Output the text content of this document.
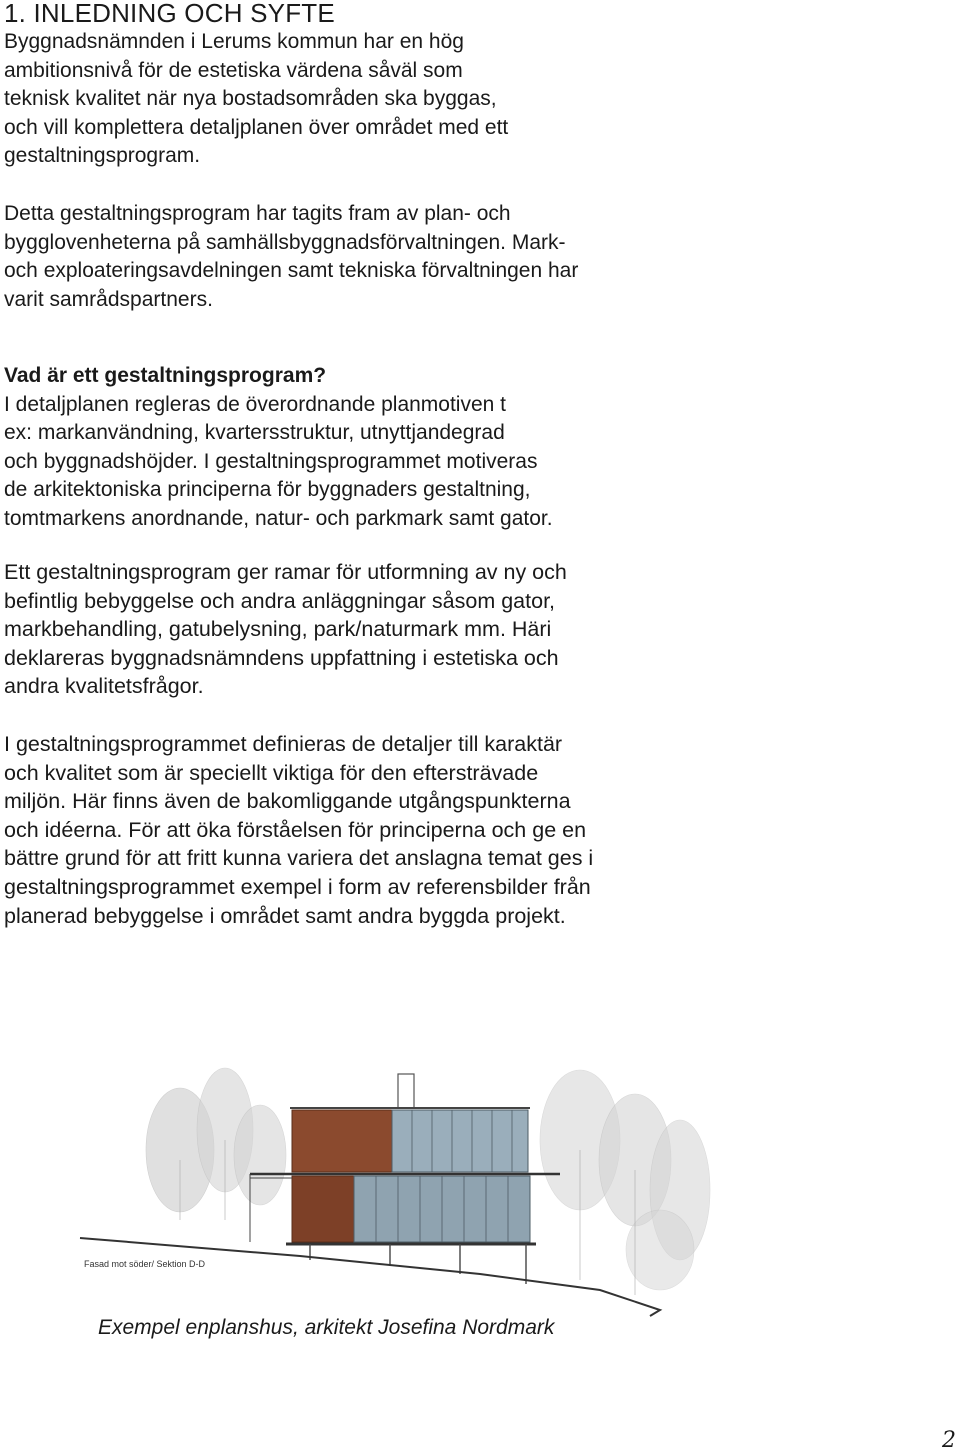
1. INLEDNING OCH SYFTE
Byggnadsnämnden i Lerums kommun har en hög
ambitionsnivå för de estetiska värdena såväl som
teknisk kvalitet när nya bostadsområden ska byggas,
och vill komplettera detaljplanen över området med ett
gestaltningsprogram.
Detta gestaltningsprogram har tagits fram av plan- och
bygglovenheterna på samhällsbyggnadsförvaltningen. Mark-
och exploateringsavdelningen samt tekniska förvaltningen har
varit samrådspartners.
Vad är ett gestaltningsprogram?
I detaljplanen regleras de överordnande planmotiven t
ex: markanvändning, kvartersstruktur, utnyttjandegrad
och byggnadshöjder. I gestaltningsprogrammet motiveras
de arkitektoniska principerna för byggnaders gestaltning,
tomtmarkens anordnande, natur- och parkmark samt gator.
Ett gestaltningsprogram ger ramar för utformning av ny och
befintlig bebyggelse och andra anläggningar såsom gator,
markbehandling, gatubelysning, park/naturmark mm. Häri
deklareras byggnadsnämndens uppfattning i estetiska och
andra kvalitetsfrågor.
I gestaltningsprogrammet definieras de detaljer till karaktär
och kvalitet som är speciellt viktiga för den eftersträvade
miljön. Här finns även de bakomliggande utgångspunkterna
och idéerna. För att öka förståelsen för principerna och ge en
bättre grund för att fritt kunna variera det anslagna temat ges i
gestaltningsprogrammet exempel i form av referensbilder från
planerad bebyggelse i området samt andra byggda projekt.
Fasad mot söder/ Sektion D-D
Exempel enplanshus, arkitekt Josefina Nordmark
2
